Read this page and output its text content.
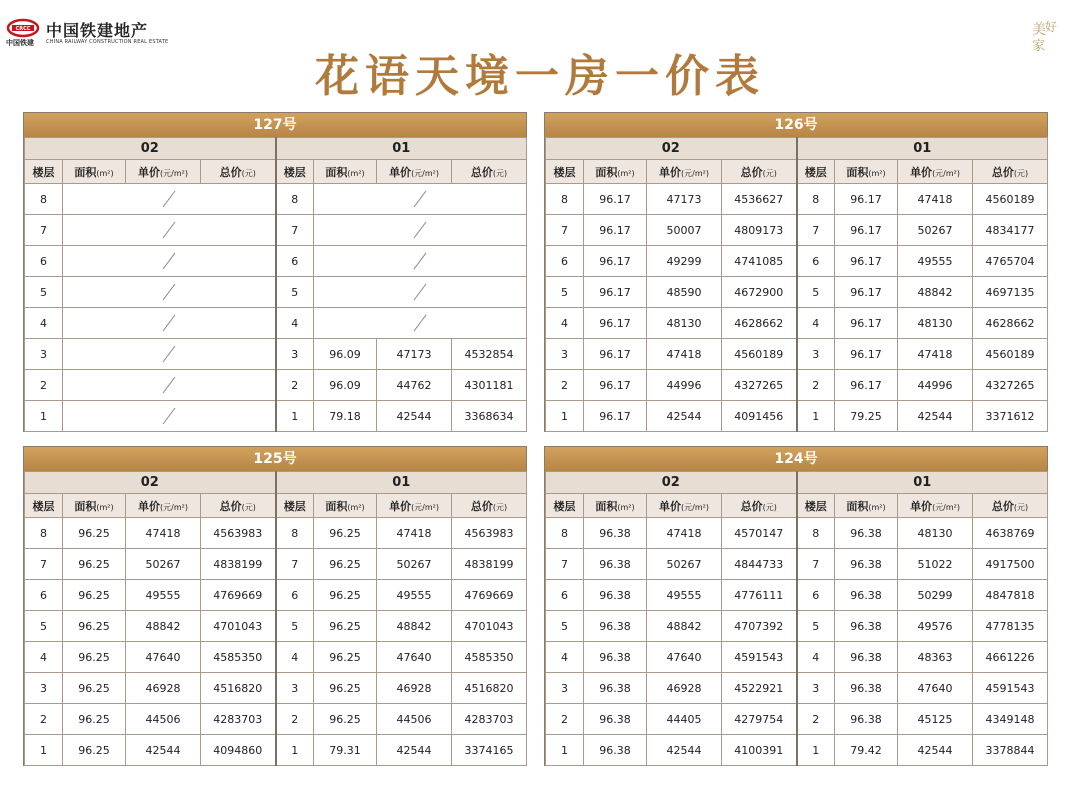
CRCC
中国铁建
中国铁建地产
CHINA RAILWAY CONSTRUCTION REAL ESTATE
美 好
家
花语天境一房一价表
127号
02				01			
楼层	面积(m²)	单价(元/m²)	总价(元)	楼层	面积(m²)	单价(元/m²)	总价(元)
8				8	

7				7	

6				6	

5				5	

4				4	

3				3	96.09	47173	4532854
2				2	96.09	44762	4301181
1				1	79.18	42544	3368634
126号
02				01			
楼层	面积(m²)	单价(元/m²)	总价(元)	楼层	面积(m²)	单价(元/m²)	总价(元)
8	96.17	47173	4536627	8	96.17	47418	4560189
7	96.17	50007	4809173	7	96.17	50267	4834177
6	96.17	49299	4741085	6	96.17	49555	4765704
5	96.17	48590	4672900	5	96.17	48842	4697135
4	96.17	48130	4628662	4	96.17	48130	4628662
3	96.17	47418	4560189	3	96.17	47418	4560189
2	96.17	44996	4327265	2	96.17	44996	4327265
1	96.17	42544	4091456	1	79.25	42544	3371612
125号
02				01			
楼层	面积(m²)	单价(元/m²)	总价(元)	楼层	面积(m²)	单价(元/m²)	总价(元)
8	96.25	47418	4563983	8	96.25	47418	4563983
7	96.25	50267	4838199	7	96.25	50267	4838199
6	96.25	49555	4769669	6	96.25	49555	4769669
5	96.25	48842	4701043	5	96.25	48842	4701043
4	96.25	47640	4585350	4	96.25	47640	4585350
3	96.25	46928	4516820	3	96.25	46928	4516820
2	96.25	44506	4283703	2	96.25	44506	4283703
1	96.25	42544	4094860	1	79.31	42544	3374165
124号
02				01			
楼层	面积(m²)	单价(元/m²)	总价(元)	楼层	面积(m²)	单价(元/m²)	总价(元)
8	96.38	47418	4570147	8	96.38	48130	4638769
7	96.38	50267	4844733	7	96.38	51022	4917500
6	96.38	49555	4776111	6	96.38	50299	4847818
5	96.38	48842	4707392	5	96.38	49576	4778135
4	96.38	47640	4591543	4	96.38	48363	4661226
3	96.38	46928	4522921	3	96.38	47640	4591543
2	96.38	44405	4279754	2	96.38	45125	4349148
1	96.38	42544	4100391	1	79.42	42544	3378844
